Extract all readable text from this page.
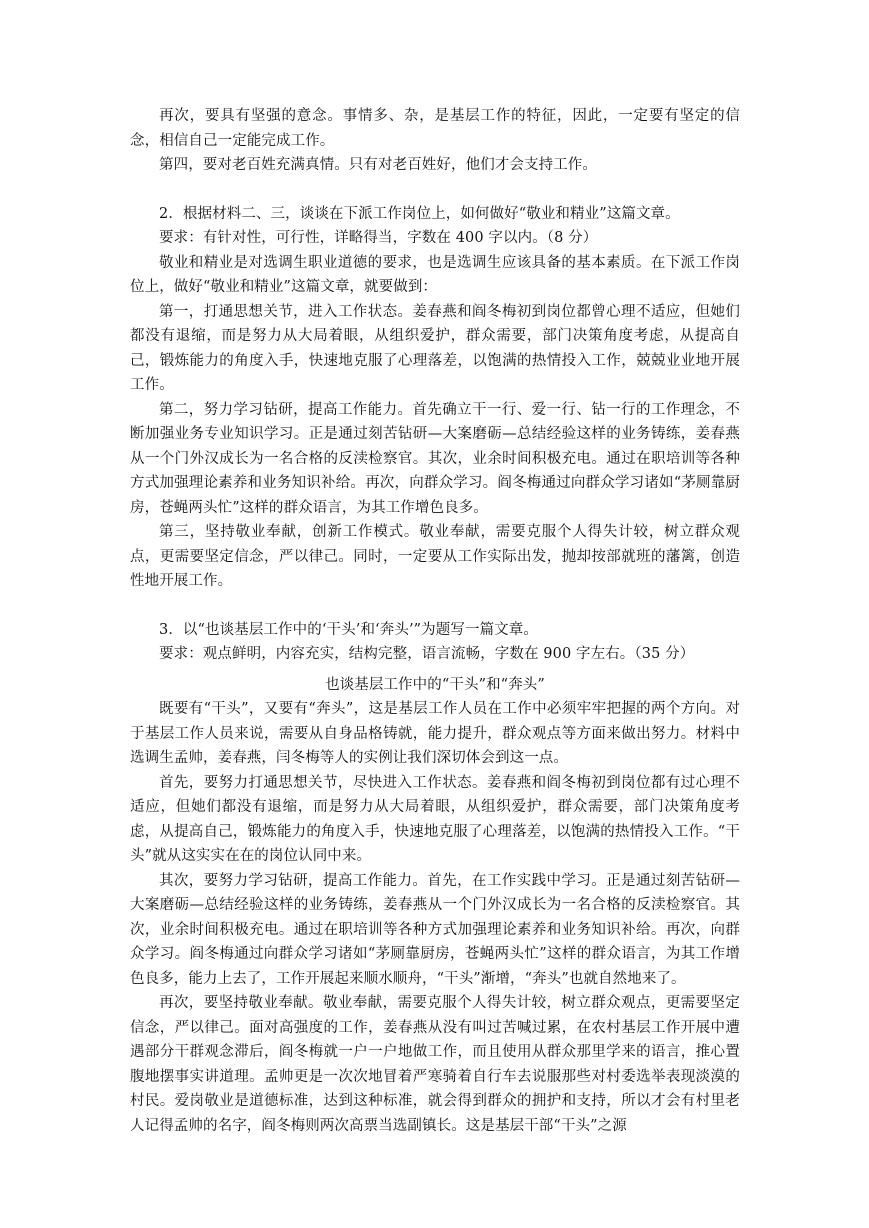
再次，要具有坚强的意念。事情多、杂，是基层工作的特征，因此，一定要有坚定的信念，相信自己一定能完成工作。

第四，要对老百姓充满真情。只有对老百姓好，他们才会支持工作。

2．根据材料二、三，谈谈在下派工作岗位上，如何做好“敬业和精业”这篇文章。

要求：有针对性，可行性，详略得当，字数在 400 字以内。（8 分）

敬业和精业是对选调生职业道德的要求，也是选调生应该具备的基本素质。在下派工作岗位上，做好“敬业和精业”这篇文章，就要做到：

第一，打通思想关节，进入工作状态。姜春燕和阎冬梅初到岗位都曾心理不适应，但她们都没有退缩，而是努力从大局着眼，从组织爱护，群众需要，部门决策角度考虑，从提高自己，锻炼能力的角度入手，快速地克服了心理落差，以饱满的热情投入工作，兢兢业业地开展工作。

第二，努力学习钻研，提高工作能力。首先确立干一行、爱一行、钻一行的工作理念，不断加强业务专业知识学习。正是通过刻苦钻研—大案磨砺—总结经验这样的业务铸练，姜春燕从一个门外汉成长为一名合格的反渎检察官。其次，业余时间积极充电。通过在职培训等各种方式加强理论素养和业务知识补给。再次，向群众学习。阎冬梅通过向群众学习诸如“茅厕靠厨房，苍蝇两头忙”这样的群众语言，为其工作增色良多。

第三，坚持敬业奉献，创新工作模式。敬业奉献，需要克服个人得失计较，树立群众观点，更需要坚定信念，严以律己。同时，一定要从工作实际出发，抛却按部就班的藩篱，创造性地开展工作。

3．以“也谈基层工作中的‘干头’和‘奔头’”为题写一篇文章。

要求：观点鲜明，内容充实，结构完整，语言流畅，字数在 900 字左右。（35 分）

也谈基层工作中的“干头”和“奔头”

既要有“干头”，又要有“奔头”，这是基层工作人员在工作中必须牢牢把握的两个方向。对于基层工作人员来说，需要从自身品格铸就，能力提升，群众观点等方面来做出努力。材料中选调生孟帅，姜春燕，闫冬梅等人的实例让我们深切体会到这一点。

首先，要努力打通思想关节，尽快进入工作状态。姜春燕和阎冬梅初到岗位都有过心理不适应，但她们都没有退缩，而是努力从大局着眼，从组织爱护，群众需要，部门决策角度考虑，从提高自己，锻炼能力的角度入手，快速地克服了心理落差，以饱满的热情投入工作。“干头”就从这实实在在的岗位认同中来。

其次，要努力学习钻研，提高工作能力。首先，在工作实践中学习。正是通过刻苦钻研—大案磨砺—总结经验这样的业务铸练，姜春燕从一个门外汉成长为一名合格的反渎检察官。其次，业余时间积极充电。通过在职培训等各种方式加强理论素养和业务知识补给。再次，向群众学习。阎冬梅通过向群众学习诸如“茅厕靠厨房，苍蝇两头忙”这样的群众语言，为其工作增色良多，能力上去了，工作开展起来顺水顺舟，“干头”渐增，“奔头”也就自然地来了。

再次，要坚持敬业奉献。敬业奉献，需要克服个人得失计较，树立群众观点，更需要坚定信念，严以律己。面对高强度的工作，姜春燕从没有叫过苦喊过累，在农村基层工作开展中遭遇部分干群观念滞后，阎冬梅就一户一户地做工作，而且使用从群众那里学来的语言，推心置腹地摆事实讲道理。孟帅更是一次次地冒着严寒骑着自行车去说服那些对村委选举表现淡漠的村民。爱岗敬业是道德标准，达到这种标准，就会得到群众的拥护和支持，所以才会有村里老人记得孟帅的名字，阎冬梅则两次高票当选副镇长。这是基层干部“干头”之源
